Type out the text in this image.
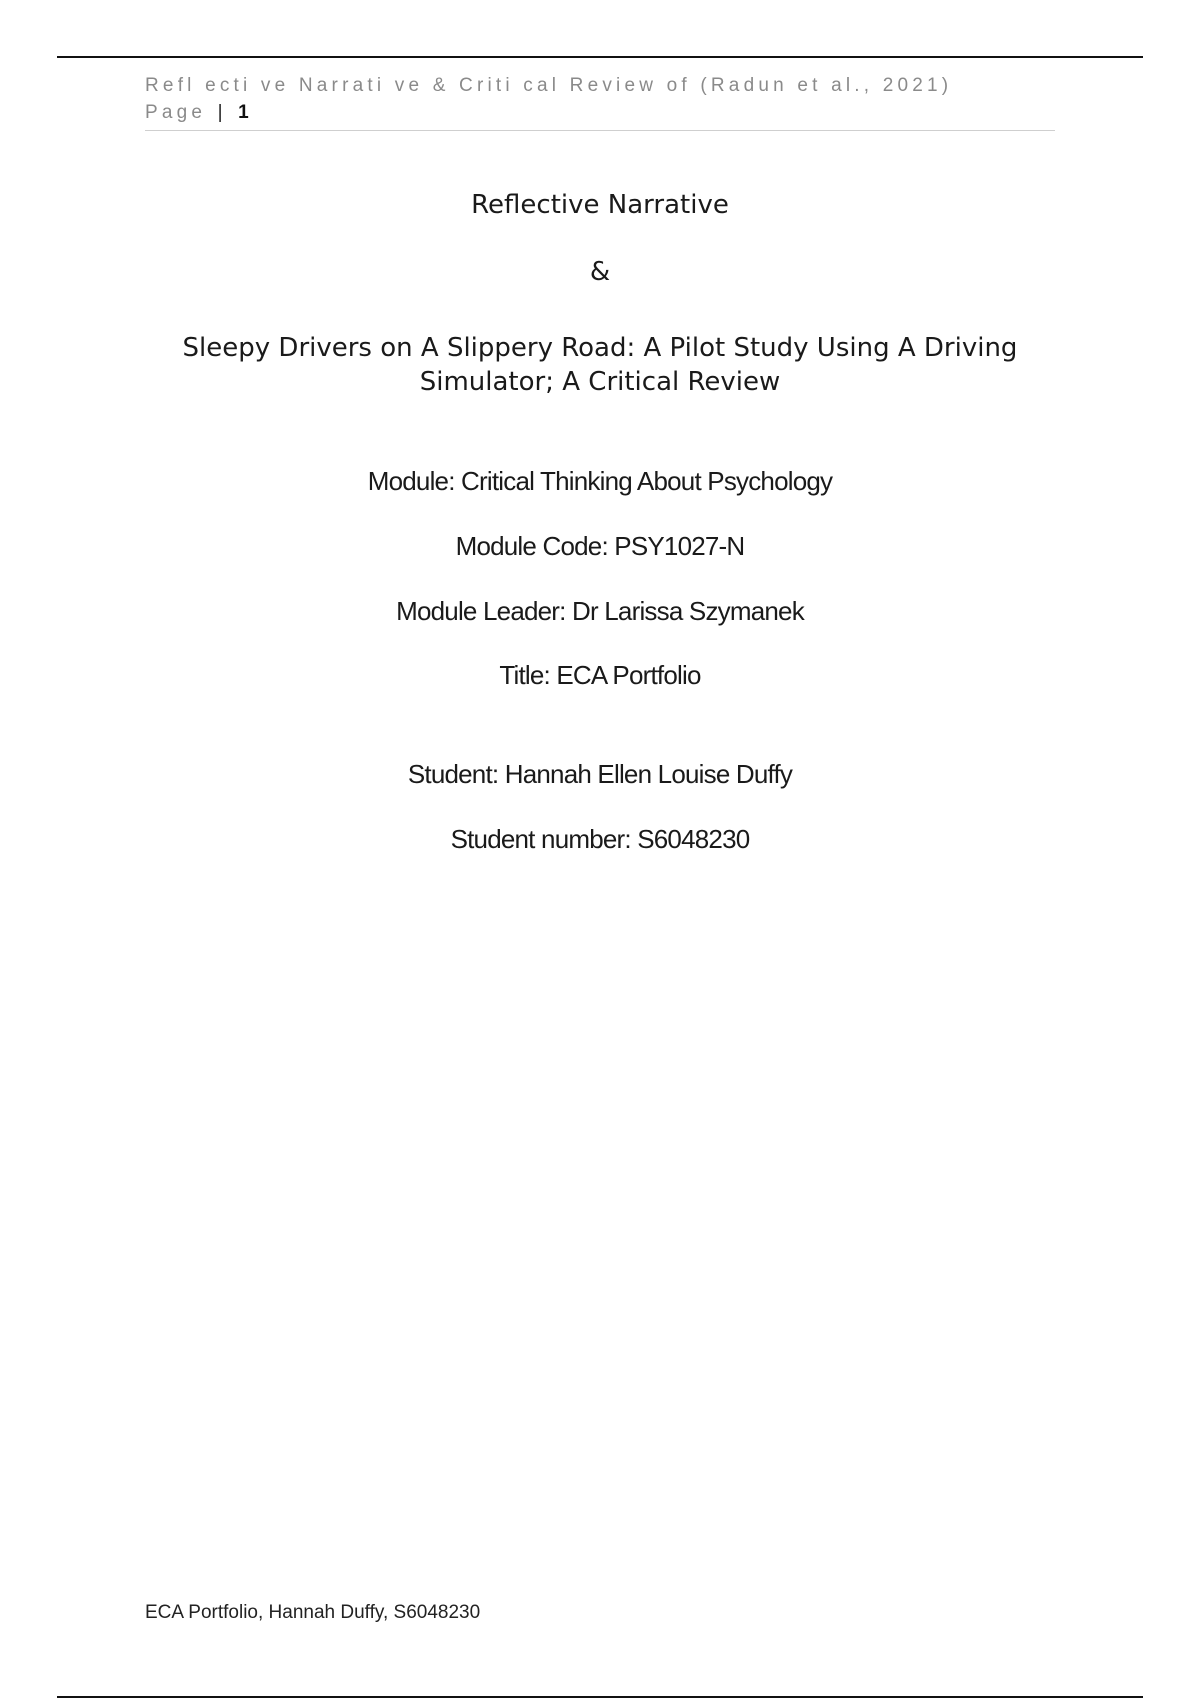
Refl ecti ve Narrati ve & Criti cal Review of (Radun et al., 2021)
Page | 1
Reflective Narrative
&
Sleepy Drivers on A Slippery Road: A Pilot Study Using A Driving
Simulator; A Critical Review
Module: Critical Thinking About Psychology
Module Code: PSY1027-N
Module Leader: Dr Larissa Szymanek
Title: ECA Portfolio
Student: Hannah Ellen Louise Duffy
Student number: S6048230
ECA Portfolio, Hannah Duffy, S6048230
